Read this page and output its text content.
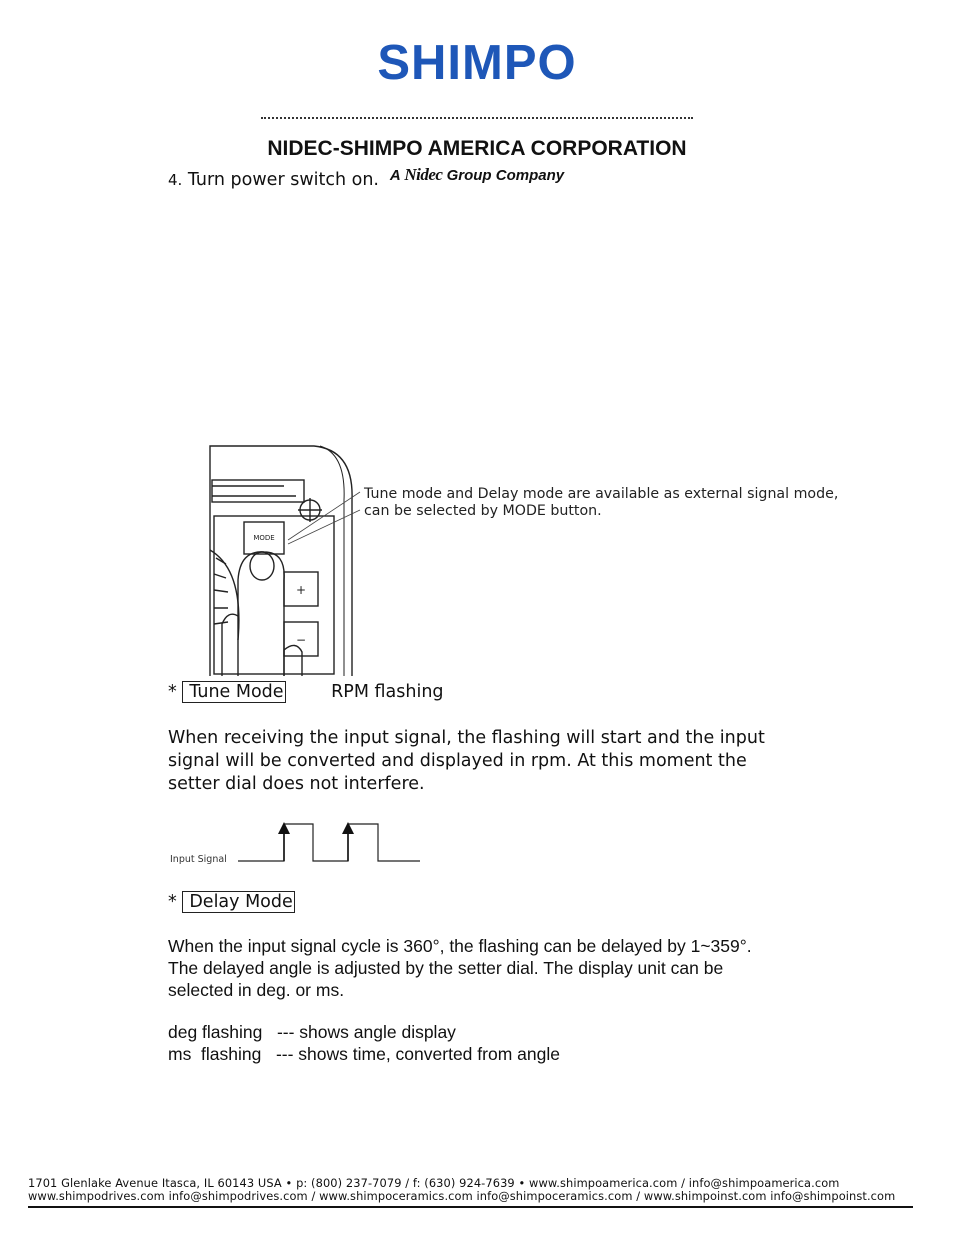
SHIMPO
NIDEC-SHIMPO AMERICA CORPORATION
A Nidec Group Company
4. Turn power switch on.
MODE
+
−
Tune mode and Delay mode are available as external signal mode,
can be selected by MODE button.
* Tune Mode	RPM flashing
When receiving the input signal, the flashing will start and the input
signal will be converted and displayed in rpm. At this moment the
setter dial does not interfere.
Input Signal
* Delay Mode
When the input signal cycle is 360°, the flashing can be delayed by 1~359°.
The delayed angle is adjusted by the setter dial. The display unit can be
selected in deg. or ms.
deg flashing   --- shows angle display
ms  flashing   --- shows time, converted from angle
1701 Glenlake Avenue Itasca, IL 60143 USA • p: (800) 237-7079 / f: (630) 924-7639 • www.shimpoamerica.com / info@shimpoamerica.com
www.shimpodrives.com info@shimpodrives.com / www.shimpoceramics.com info@shimpoceramics.com / www.shimpoinst.com info@shimpoinst.com
